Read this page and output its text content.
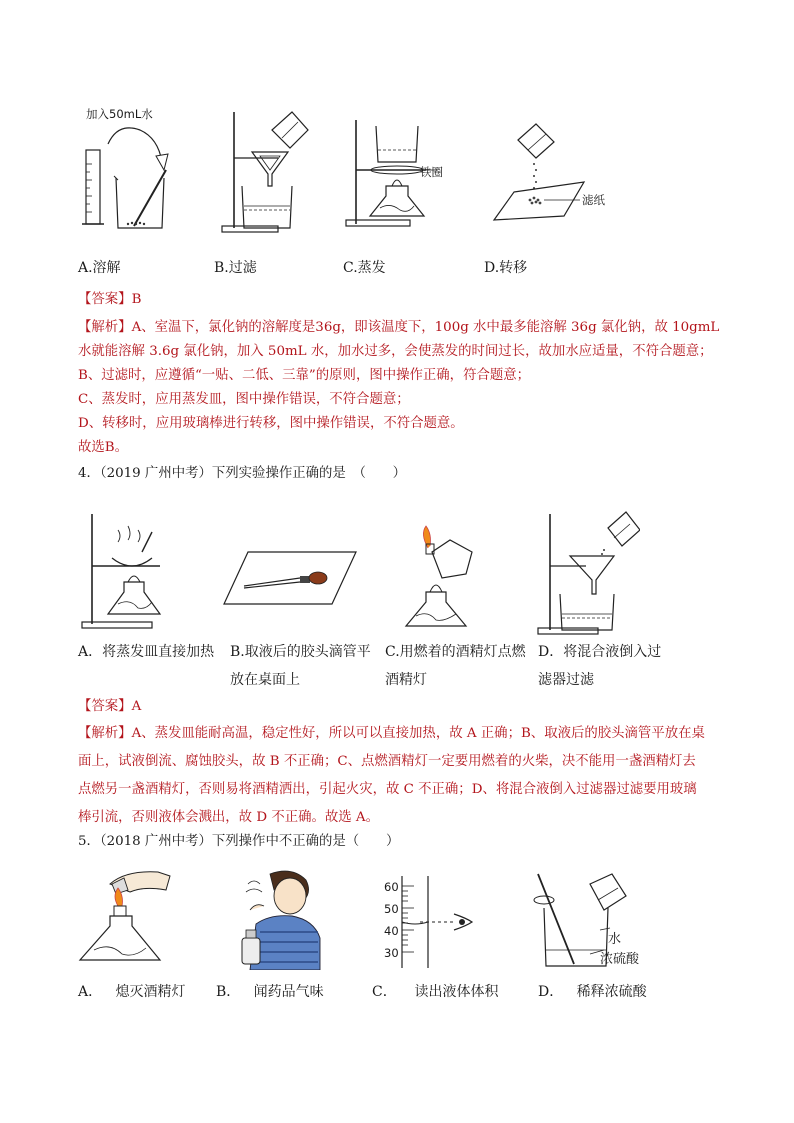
加入50mL水
铁圈
滤纸
A.溶解	B.过滤	C.蒸发	D.转移
【答案】B
【解析】A、室温下，氯化钠的溶解度是36g，即该温度下，100g 水中最多能溶解 36g 氯化钠，故 10gmL
水就能溶解 3.6g 氯化钠，加入 50mL 水，加水过多，会使蒸发的时间过长，故加水应适量，不符合题意；
B、过滤时，应遵循“一贴、二低、三靠”的原则，图中操作正确，符合题意；
C、蒸发时，应用蒸发皿，图中操作错误，不符合题意；
D、转移时，应用玻璃棒进行转移，图中操作错误，不符合题意。
故选B。
4．（2019 广州中考）下列实验操作正确的是　（　　）
A．将蒸发皿直接加热 B.取液后的胶头滴管平
放在桌面上
C.用燃着的酒精灯点燃
酒精灯
D．将混合液倒入过
滤器过滤
【答案】A
【解析】A、蒸发皿能耐高温，稳定性好，所以可以直接加热，故 A 正确；B、取液后的胶头滴管平放在桌
面上，试液倒流、腐蚀胶头，故 B 不正确；C、点燃酒精灯一定要用燃着的火柴，决不能用一盏酒精灯去
点燃另一盏酒精灯，否则易将酒精洒出，引起火灾，故 C 不正确；D、将混合液倒入过滤器过滤要用玻璃
棒引流，否则液体会溅出，故 D 不正确。故选 A。
5．（2018 广州中考）下列操作中不正确的是（　　）
60
50
40
30
水
浓硫酸
A． 熄灭酒精灯 B． 闻药品气味	C． 读出液体体积	D． 稀释浓硫酸
